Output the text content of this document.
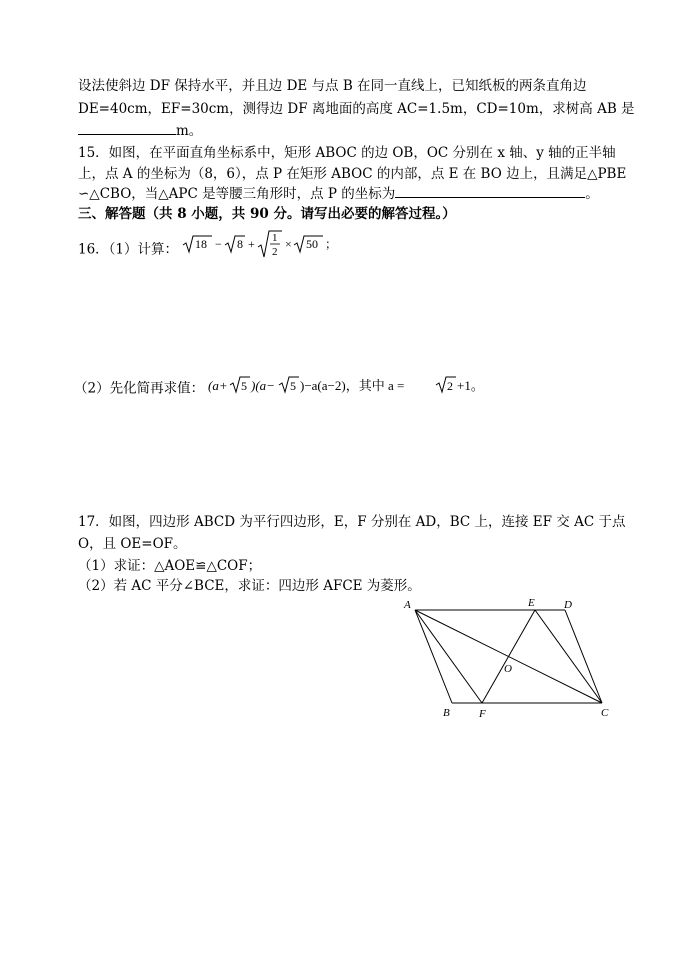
设法使斜边 DF 保持水平，并且边 DE 与点 B 在同一直线上，已知纸板的两条直角边
DE=40cm，EF=30cm，测得边 DF 离地面的高度 AC=1.5m，CD=10m，求树高 AB 是
m。
15．如图，在平面直角坐标系中，矩形 ABOC 的边 OB，OC 分别在 x 轴、y 轴的正半轴
上，点 A 的坐标为（8，6），点 P 在矩形 ABOC 的内部，点 E 在 BO 边上，且满足△PBE
∽△CBO，当△APC 是等腰三角形时，点 P 的坐标为	。
三、解答题（共 8 小题，共 90 分。请写出必要的解答过程。）
16．（1）计算： 18 − 8 + 1
2
× 50 ；
（2）先化简再求值： (a+ 5 )(a− 5 )−a(a−2)，其中 a =	2 +1。
17．如图，四边形 ABCD 为平行四边形，E，F 分别在 AD，BC 上，连接 EF 交 AC 于点
O，且 OE=OF。
（1）求证：△AOE≌△COF；
（2）若 AC 平分∠BCE，求证：四边形 AFCE 为菱形。
A	E	D
O
B	F	C
